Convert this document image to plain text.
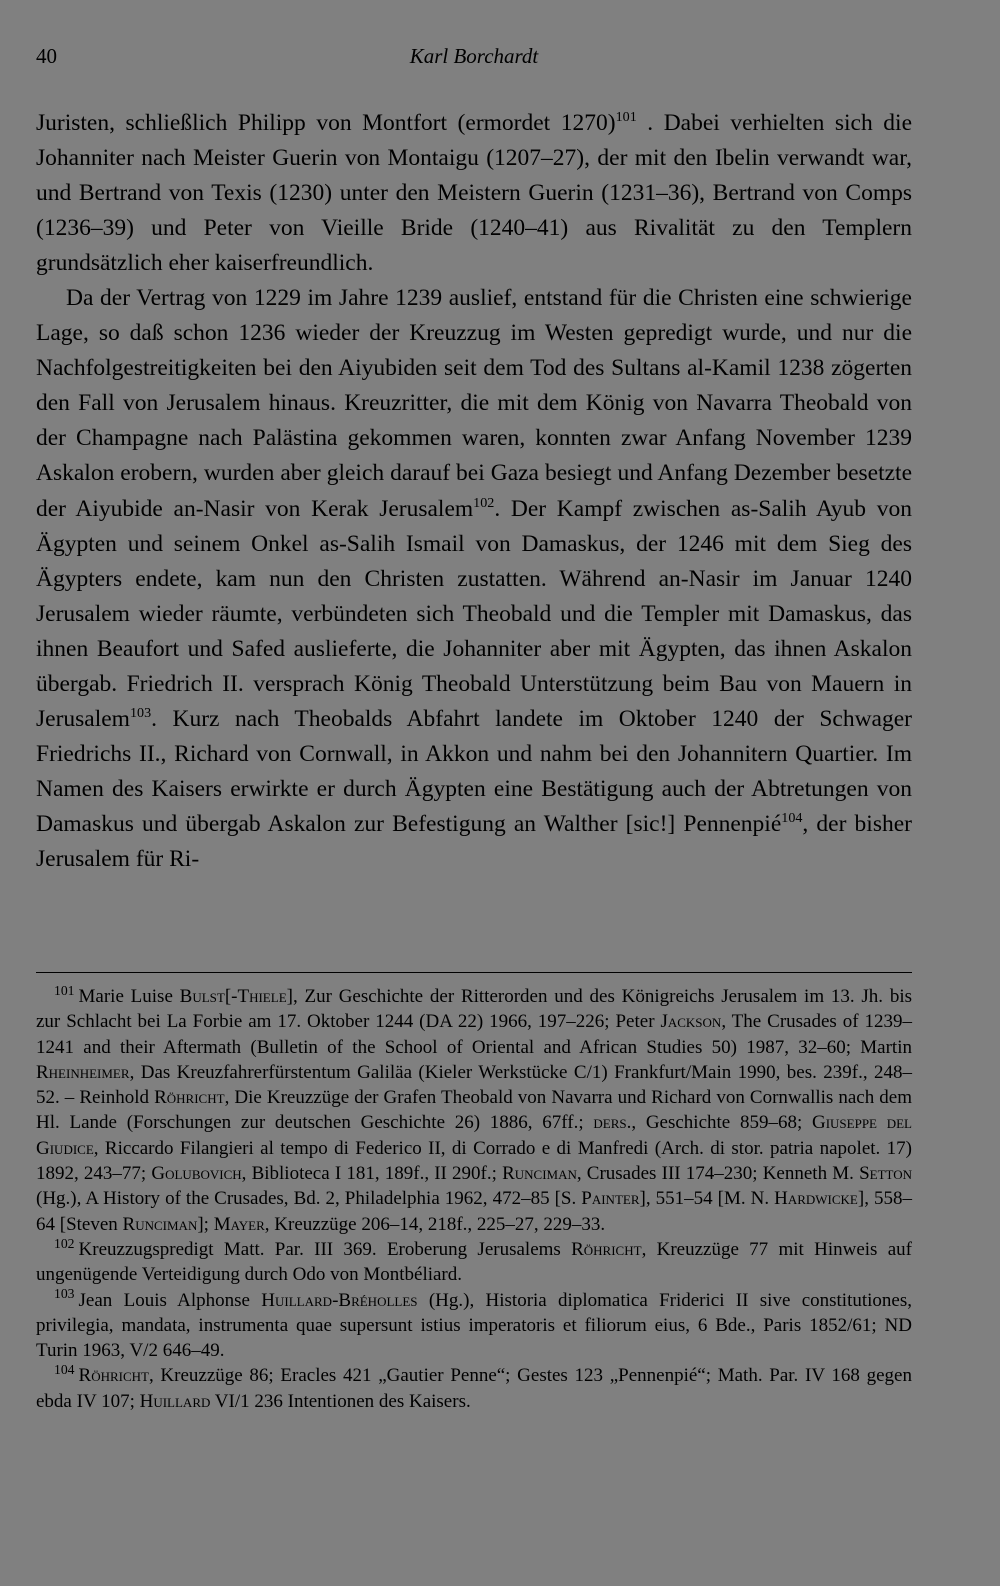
40	Karl Borchardt

Juristen, schließlich Philipp von Montfort (ermordet 1270)$^{101}$ . Dabei verhielten sich die Johanniter nach Meister Guerin von Montaigu (1207–27), der mit den Ibelin verwandt war, und Bertrand von Texis (1230) unter den Meistern Guerin (1231–36), Bertrand von Comps (1236–39) und Peter von Vieille Bride (1240–41) aus Rivalität zu den Templern grundsätzlich eher kaiserfreundlich.

Da der Vertrag von 1229 im Jahre 1239 auslief, entstand für die Christen eine schwierige Lage, so daß schon 1236 wieder der Kreuzzug im Westen gepredigt wurde, und nur die Nachfolgestreitigkeiten bei den Aiyubiden seit dem Tod des Sultans al-Kamil 1238 zögerten den Fall von Jerusalem hinaus. Kreuzritter, die mit dem König von Navarra Theobald von der Champagne nach Palästina gekommen waren, konnten zwar Anfang November 1239 Askalon erobern, wurden aber gleich darauf bei Gaza besiegt und Anfang Dezember besetzte der Aiyubide an-Nasir von Kerak Jerusalem$^{102}$. Der Kampf zwischen as-Salih Ayub von Ägypten und seinem Onkel as-Salih Ismail von Damaskus, der 1246 mit dem Sieg des Ägypters endete, kam nun den Christen zustatten. Während an-Nasir im Januar 1240 Jerusalem wieder räumte, verbündeten sich Theobald und die Templer mit Damaskus, das ihnen Beaufort und Safed auslieferte, die Johanniter aber mit Ägypten, das ihnen Askalon übergab. Friedrich II. versprach König Theobald Unterstützung beim Bau von Mauern in Jerusalem$^{103}$. Kurz nach Theobalds Abfahrt landete im Oktober 1240 der Schwager Friedrichs II., Richard von Cornwall, in Akkon und nahm bei den Johannitern Quartier. Im Namen des Kaisers erwirkte er durch Ägypten eine Bestätigung auch der Abtretungen von Damaskus und übergab Askalon zur Befestigung an Walther [sic!] Pennenpié$^{104}$, der bisher Jerusalem für Ri-

$^{101}$ Marie Luise Bulst[-Thiele], Zur Geschichte der Ritterorden und des Königreichs Jerusalem im 13. Jh. bis zur Schlacht bei La Forbie am 17. Oktober 1244 (DA 22) 1966, 197–226; Peter Jackson, The Crusades of 1239–1241 and their Aftermath (Bulletin of the School of Oriental and African Studies 50) 1987, 32–60; Martin Rheinheimer, Das Kreuzfahrerfürstentum Galiläa (Kieler Werkstücke C/1) Frankfurt/Main 1990, bes. 239f., 248–52. – Reinhold Röhricht, Die Kreuzzüge der Grafen Theobald von Navarra und Richard von Cornwallis nach dem Hl. Lande (Forschungen zur deutschen Geschichte 26) 1886, 67ff.; ders., Geschichte 859–68; Giuseppe del Giudice, Riccardo Filangieri al tempo di Federico II, di Corrado e di Manfredi (Arch. di stor. patria napolet. 17) 1892, 243–77; Golubovich, Biblioteca I 181, 189f., II 290f.; Runciman, Crusades III 174–230; Kenneth M. Setton (Hg.), A History of the Crusades, Bd. 2, Philadelphia 1962, 472–85 [S. Painter], 551–54 [M. N. Hardwicke], 558–64 [Steven Runciman]; Mayer, Kreuzzüge 206–14, 218f., 225–27, 229–33.

$^{102}$ Kreuzzugspredigt Matt. Par. III 369. Eroberung Jerusalems Röhricht, Kreuzzüge 77 mit Hinweis auf ungenügende Verteidigung durch Odo von Montbéliard.

$^{103}$ Jean Louis Alphonse Huillard-Bréholles (Hg.), Historia diplomatica Friderici II sive constitutiones, privilegia, mandata, instrumenta quae supersunt istius imperatoris et filiorum eius, 6 Bde., Paris 1852/61; ND Turin 1963, V/2 646–49.

$^{104}$ Röhricht, Kreuzzüge 86; Eracles 421 „Gautier Penne“; Gestes 123 „Pennenpié“; Math. Par. IV 168 gegen ebda IV 107; Huillard VI/1 236 Intentionen des Kaisers.
